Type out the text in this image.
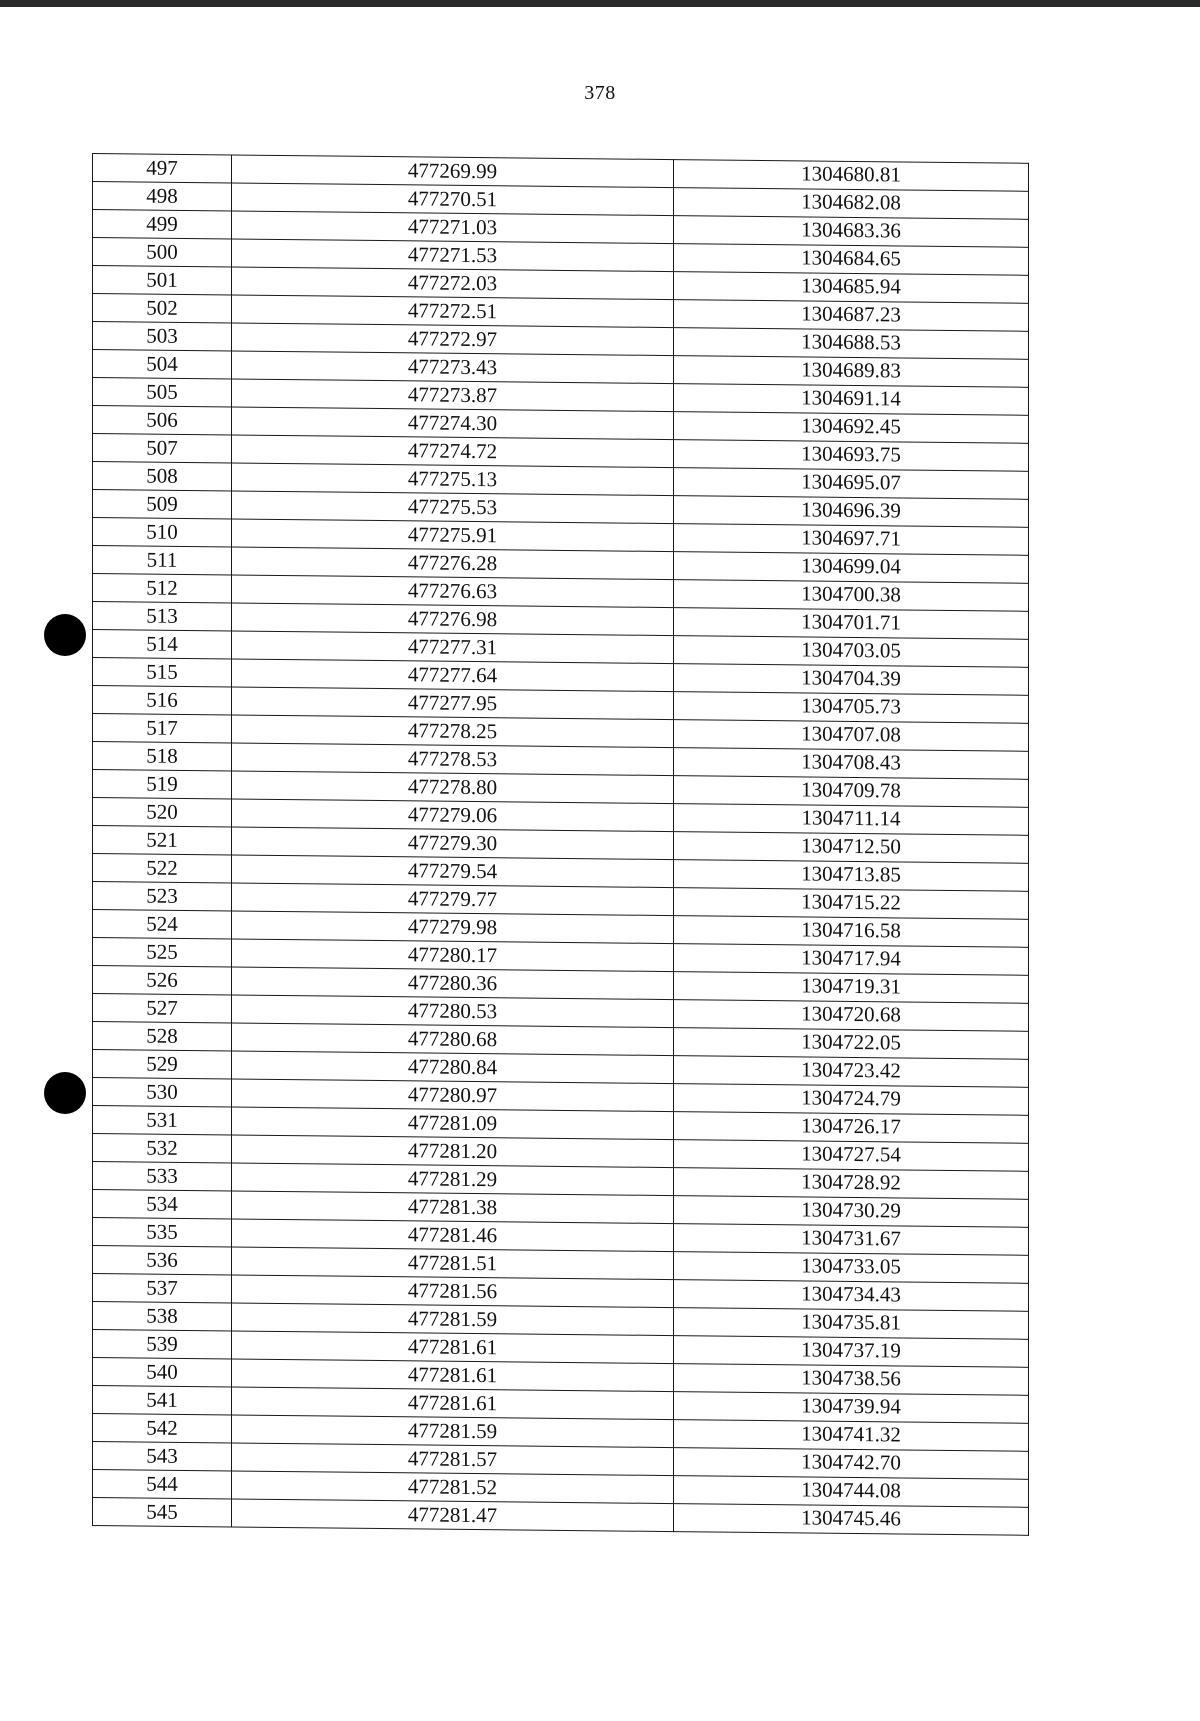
378
497	477269.99	1304680.81
498	477270.51	1304682.08
499	477271.03	1304683.36
500	477271.53	1304684.65
501	477272.03	1304685.94
502	477272.51	1304687.23
503	477272.97	1304688.53
504	477273.43	1304689.83
505	477273.87	1304691.14
506	477274.30	1304692.45
507	477274.72	1304693.75
508	477275.13	1304695.07
509	477275.53	1304696.39
510	477275.91	1304697.71
511	477276.28	1304699.04
512	477276.63	1304700.38
513	477276.98	1304701.71
514	477277.31	1304703.05
515	477277.64	1304704.39
516	477277.95	1304705.73
517	477278.25	1304707.08
518	477278.53	1304708.43
519	477278.80	1304709.78
520	477279.06	1304711.14
521	477279.30	1304712.50
522	477279.54	1304713.85
523	477279.77	1304715.22
524	477279.98	1304716.58
525	477280.17	1304717.94
526	477280.36	1304719.31
527	477280.53	1304720.68
528	477280.68	1304722.05
529	477280.84	1304723.42
530	477280.97	1304724.79
531	477281.09	1304726.17
532	477281.20	1304727.54
533	477281.29	1304728.92
534	477281.38	1304730.29
535	477281.46	1304731.67
536	477281.51	1304733.05
537	477281.56	1304734.43
538	477281.59	1304735.81
539	477281.61	1304737.19
540	477281.61	1304738.56
541	477281.61	1304739.94
542	477281.59	1304741.32
543	477281.57	1304742.70
544	477281.52	1304744.08
545	477281.47	1304745.46
